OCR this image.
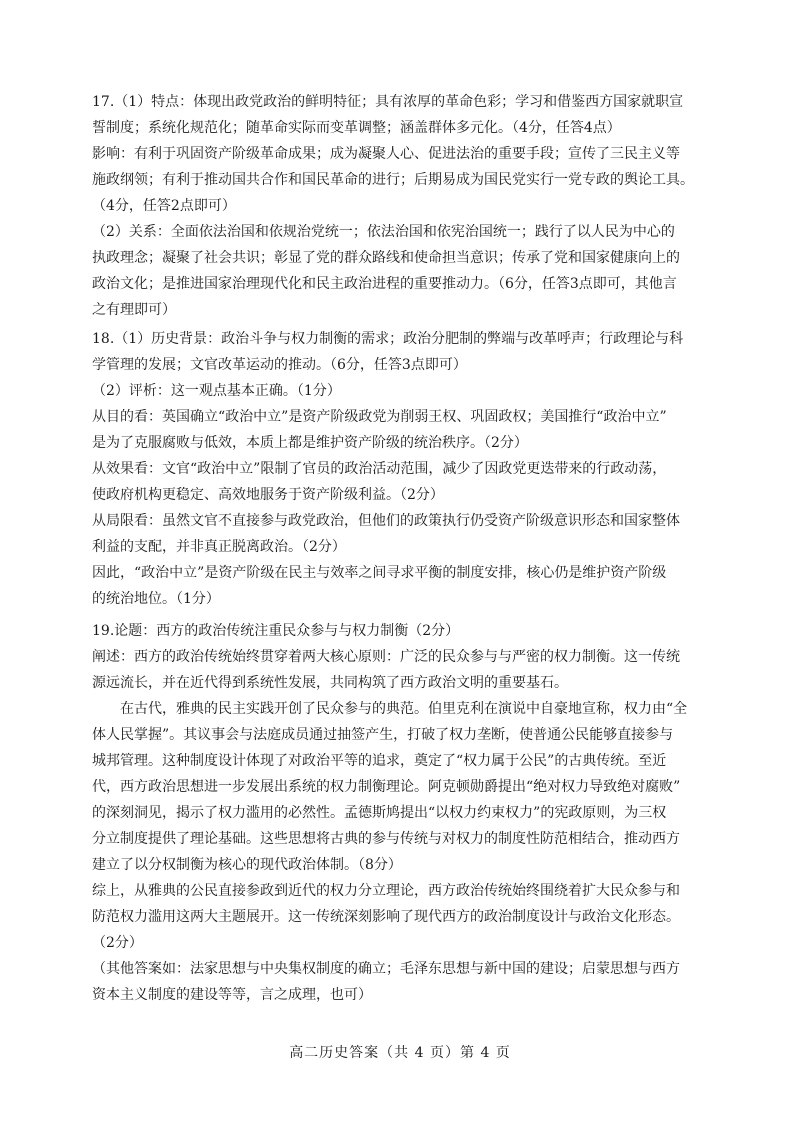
17.（1）特点：体现出政党政治的鲜明特征；具有浓厚的革命色彩；学习和借鉴西方国家就职宣
誓制度；系统化规范化；随革命实际而变革调整；涵盖群体多元化。（4分，任答4点）
影响：有利于巩固资产阶级革命成果；成为凝聚人心、促进法治的重要手段；宣传了三民主义等
施政纲领；有利于推动国共合作和国民革命的进行；后期易成为国民党实行一党专政的舆论工具。
（4分，任答2点即可）
（2）关系：全面依法治国和依规治党统一；依法治国和依宪治国统一；践行了以人民为中心的
执政理念；凝聚了社会共识；彰显了党的群众路线和使命担当意识；传承了党和国家健康向上的
政治文化；是推进国家治理现代化和民主政治进程的重要推动力。（6分，任答3点即可，其他言
之有理即可）
18.（1）历史背景：政治斗争与权力制衡的需求；政治分肥制的弊端与改革呼声；行政理论与科
学管理的发展；文官改革运动的推动。（6分，任答3点即可）
（2）评析：这一观点基本正确。（1分）
从目的看：英国确立“政治中立”是资产阶级政党为削弱王权、巩固政权；美国推行“政治中立”
是为了克服腐败与低效，本质上都是维护资产阶级的统治秩序。（2分）
从效果看：文官“政治中立”限制了官员的政治活动范围，减少了因政党更迭带来的行政动荡，
使政府机构更稳定、高效地服务于资产阶级利益。（2分）
从局限看：虽然文官不直接参与政党政治，但他们的政策执行仍受资产阶级意识形态和国家整体
利益的支配，并非真正脱离政治。（2分）
因此，“政治中立”是资产阶级在民主与效率之间寻求平衡的制度安排，核心仍是维护资产阶级
的统治地位。（1分）
19.论题：西方的政治传统注重民众参与与权力制衡（2分）
阐述：西方的政治传统始终贯穿着两大核心原则：广泛的民众参与与严密的权力制衡。这一传统
源远流长，并在近代得到系统性发展，共同构筑了西方政治文明的重要基石。
在古代，雅典的民主实践开创了民众参与的典范。伯里克利在演说中自豪地宣称，权力由“全
体人民掌握”。其议事会与法庭成员通过抽签产生，打破了权力垄断，使普通公民能够直接参与
城邦管理。这种制度设计体现了对政治平等的追求，奠定了“权力属于公民”的古典传统。至近
代，西方政治思想进一步发展出系统的权力制衡理论。阿克顿勋爵提出“绝对权力导致绝对腐败”
的深刻洞见，揭示了权力滥用的必然性。孟德斯鸠提出“以权力约束权力”的宪政原则，为三权
分立制度提供了理论基础。这些思想将古典的参与传统与对权力的制度性防范相结合，推动西方
建立了以分权制衡为核心的现代政治体制。（8分）
综上，从雅典的公民直接参政到近代的权力分立理论，西方政治传统始终围绕着扩大民众参与和
防范权力滥用这两大主题展开。这一传统深刻影响了现代西方的政治制度设计与政治文化形态。
（2分）
（其他答案如：法家思想与中央集权制度的确立；毛泽东思想与新中国的建设；启蒙思想与西方
资本主义制度的建设等等，言之成理，也可）
高二历史答案（共 4 页）第 4 页
